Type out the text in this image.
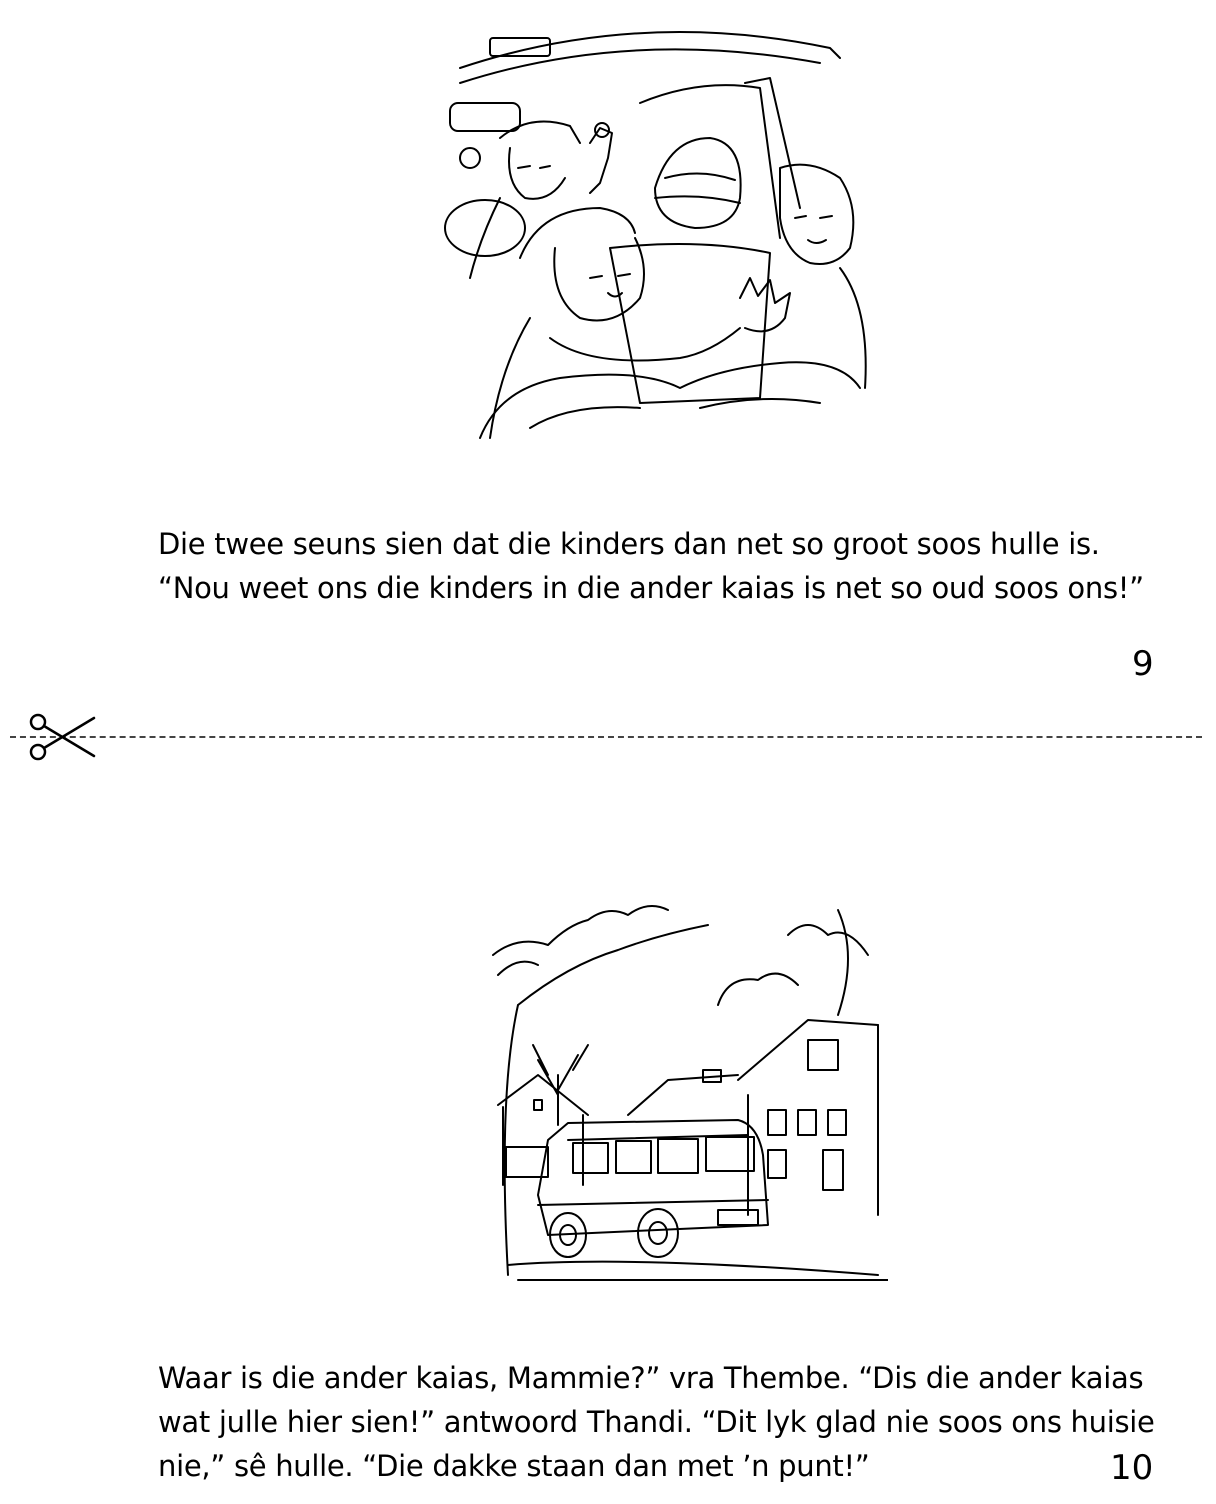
Die twee seuns sien dat die kinders dan net so groot soos hulle is.

“Nou weet ons die kinders in die ander kaias is net so oud soos ons!”

9

Waar is die ander kaias, Mammie?” vra Thembe. “Dis die ander kaias

wat julle hier sien!” antwoord Thandi. “Dit lyk glad nie soos ons huisie

nie,” sê hulle. “Die dakke staan dan met ’n punt!”	10
